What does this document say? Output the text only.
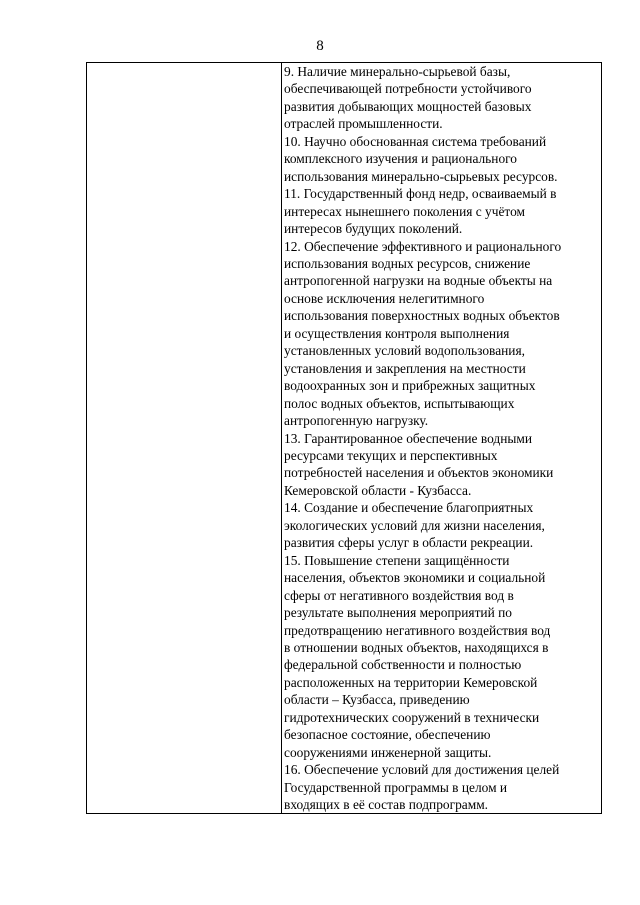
8

9. Наличие минерально-сырьевой базы,
обеспечивающей потребности устойчивого
развития добывающих мощностей базовых
отраслей промышленности.
10. Научно обоснованная система требований
комплексного изучения и рационального
использования минерально-сырьевых ресурсов.
11. Государственный фонд недр, осваиваемый в
интересах нынешнего поколения с учётом
интересов будущих поколений.
12. Обеспечение эффективного и рационального
использования водных ресурсов, снижение
антропогенной нагрузки на водные объекты на
основе исключения нелегитимного
использования поверхностных водных объектов
и осуществления контроля выполнения
установленных условий водопользования,
установления и закрепления на местности
водоохранных зон и прибрежных защитных
полос водных объектов, испытывающих
антропогенную нагрузку.
13. Гарантированное обеспечение водными
ресурсами текущих и перспективных
потребностей населения и объектов экономики
Кемеровской области - Кузбасса.
14. Создание и обеспечение благоприятных
экологических условий для жизни населения,
развития сферы услуг в области рекреации.
15. Повышение степени защищённости
населения, объектов экономики и социальной
сферы от негативного воздействия вод в
результате выполнения мероприятий по
предотвращению негативного воздействия вод
в отношении водных объектов, находящихся в
федеральной собственности и полностью
расположенных на территории Кемеровской
области – Кузбасса, приведению
гидротехнических сооружений в технически
безопасное состояние, обеспечению
сооружениями инженерной защиты.
16. Обеспечение условий для достижения целей
Государственной программы в целом и
входящих в её состав подпрограмм.
